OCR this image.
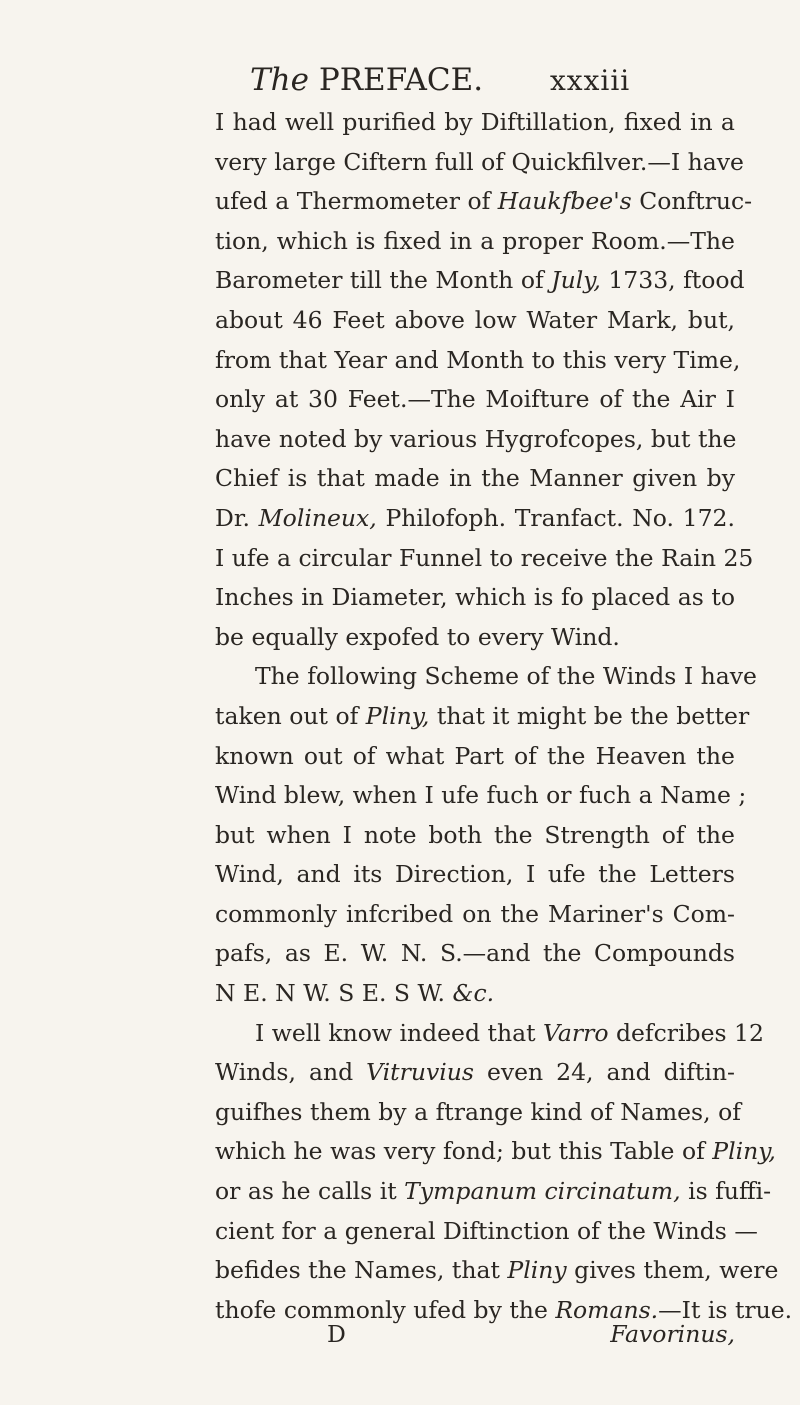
The PREFACE. xxxiii
I had well purified by Diftillation, fixed in a
very large Ciftern full of Quickfilver.—I have
ufed a Thermometer of Haukfbee's Conftruc-
tion, which is fixed in a proper Room.—The
Barometer till the Month of July, 1733, ftood
about 46 Feet above low Water Mark, but,
from that Year and Month to this very Time,
only at 30 Feet.—The Moifture of the Air I
have noted by various Hygrofcopes, but the
Chief is that made in the Manner given by
Dr. Molineux, Philofoph. Tranfact. No. 172.
I ufe a circular Funnel to receive the Rain 25
Inches in Diameter, which is fo placed as to
be equally expofed to every Wind.
The following Scheme of the Winds I have
taken out of Pliny, that it might be the better
known out of what Part of the Heaven the
Wind blew, when I ufe fuch or fuch a Name ;
but when I note both the Strength of the
Wind, and its Direction, I ufe the Letters
commonly infcribed on the Mariner's Com-
pafs, as E. W. N. S.—and the Compounds
N E. N W. S E. S W. &c.
I well know indeed that Varro defcribes 12
Winds, and Vitruvius even 24, and diftin-
guifhes them by a ftrange kind of Names, of
which he was very fond; but this Table of Pliny,
or as he calls it Tympanum circinatum, is fuffi-
cient for a general Diftinction of the Winds —
befides the Names, that Pliny gives them, were
thofe commonly ufed by the Romans.—It is true.
D	Favorinus,
